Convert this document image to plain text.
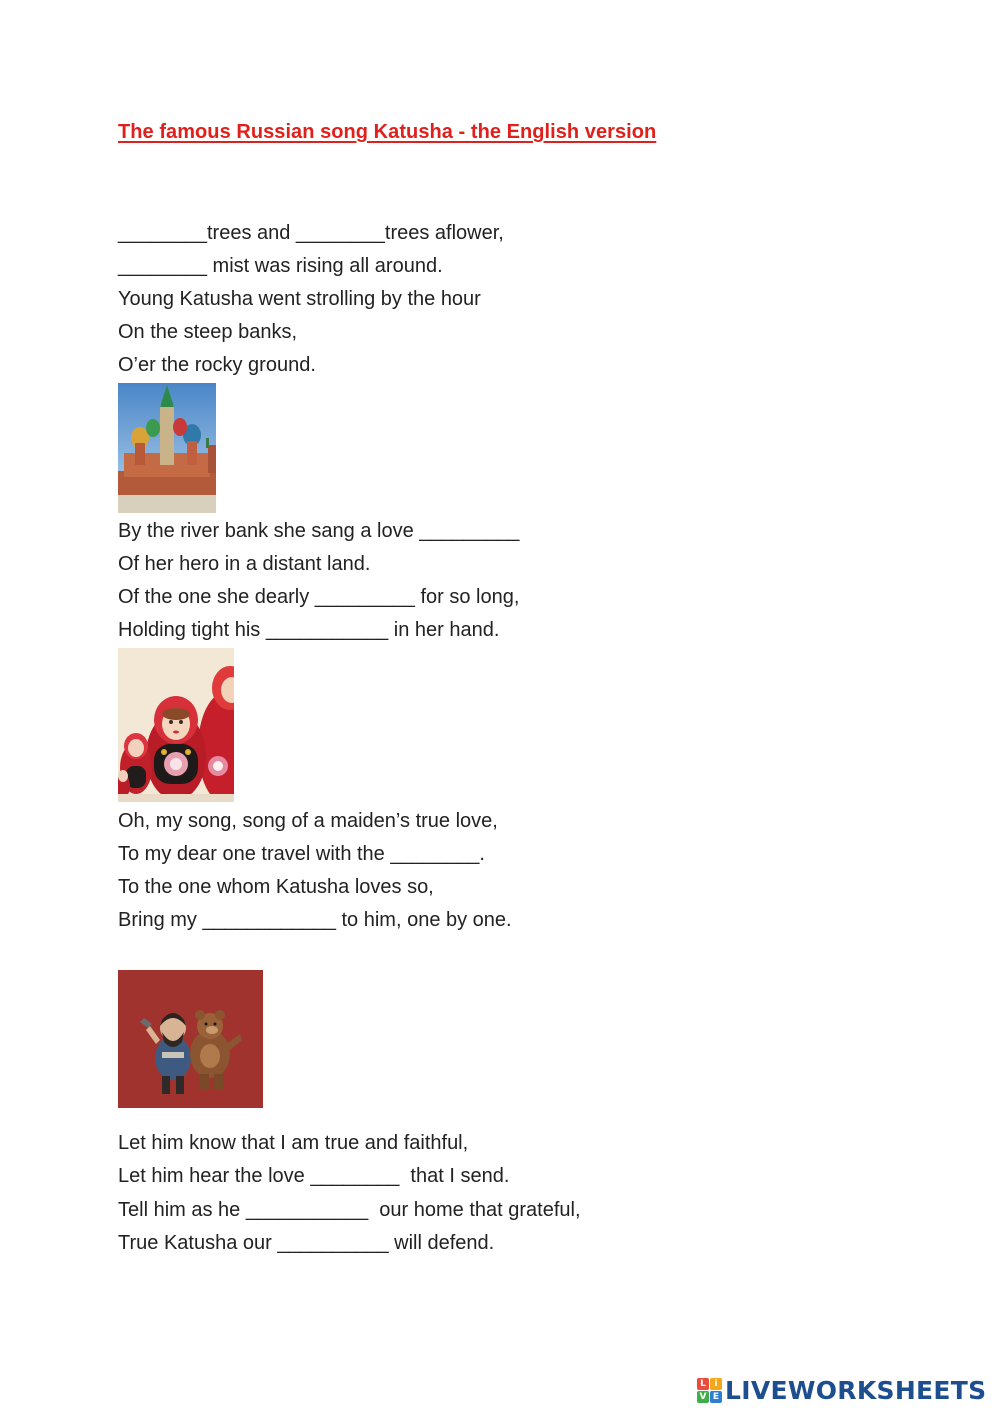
The famous Russian song Katusha - the English version
________trees and ________trees aflower,
________ mist was rising all around.
Young Katusha went strolling by the hour
On the steep banks,
O’er the rocky ground.
By the river bank she sang a love _________
Of her hero in a distant land.
Of the one she dearly _________ for so long,
Holding tight his ___________ in her hand.
Oh, my song, song of a maiden’s true love,
To my dear one travel with the ________.
To the one whom Katusha loves so,
Bring my ____________ to him, one by one.
Let him know that I am true and faithful,
Let him hear the love ________  that I send.
Tell him as he ___________  our home that grateful,
True Katusha our __________ will defend.
L i
V E LIVEWORKSHEETS
